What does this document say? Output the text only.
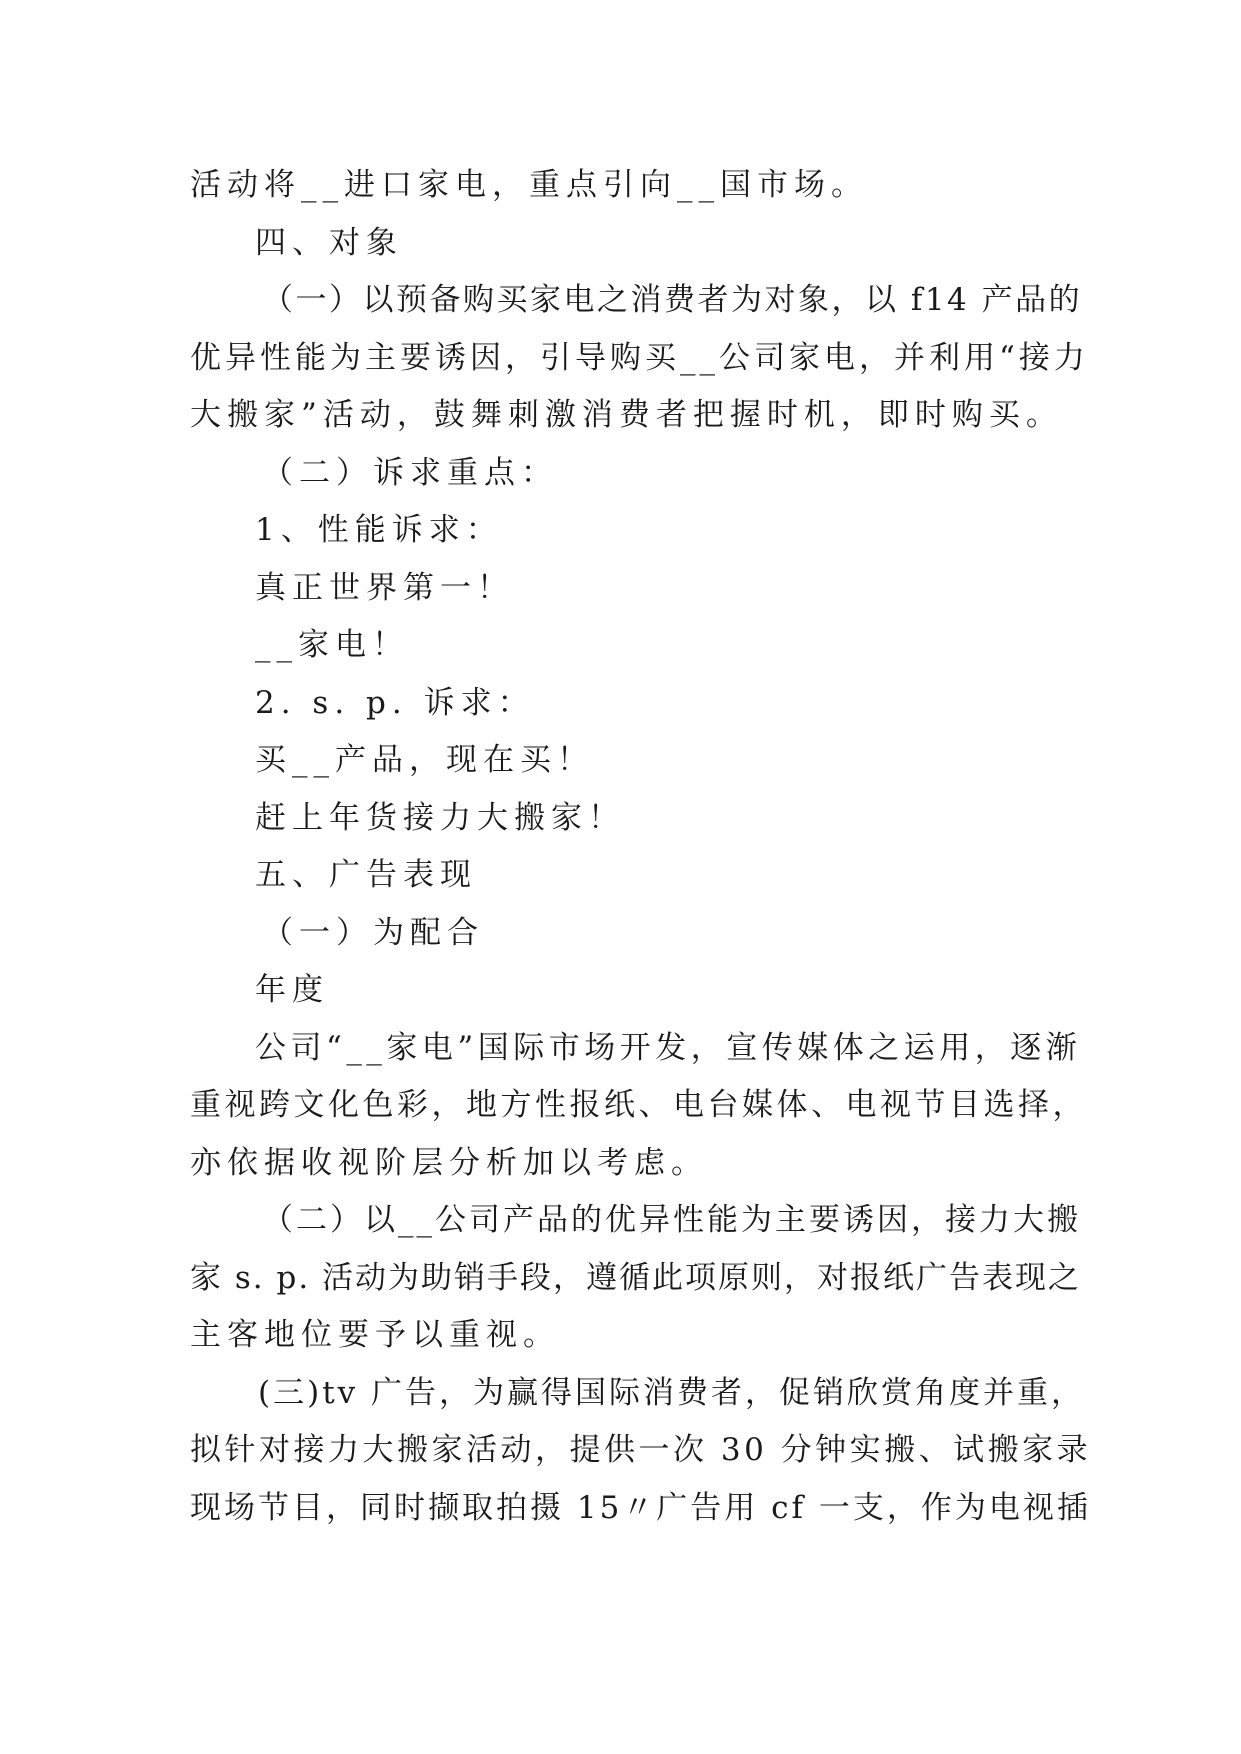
活动将__进口家电，重点引向__国市场。
四、对象
（一）以预备购买家电之消费者为对象，以 f14 产品的
优异性能为主要诱因，引导购买__公司家电，并利用“接力
大搬家”活动，鼓舞刺激消费者把握时机，即时购买。
（二）诉求重点：
1、性能诉求：
真正世界第一！
__家电！
2. s. p. 诉求：
买__产品，现在买！
赶上年货接力大搬家！
五、广告表现
（一）为配合
年度
公司“__家电”国际市场开发，宣传媒体之运用，逐渐
重视跨文化色彩，地方性报纸、电台媒体、电视节目选择，
亦依据收视阶层分析加以考虑。
（二）以__公司产品的优异性能为主要诱因，接力大搬
家 s. p. 活动为助销手段，遵循此项原则，对报纸广告表现之
主客地位要予以重视。
(三)tv 广告，为赢得国际消费者，促销欣赏角度并重，
拟针对接力大搬家活动，提供一次 30 分钟实搬、试搬家录
现场节目，同时撷取拍摄 15〃广告用 cf 一支，作为电视插
